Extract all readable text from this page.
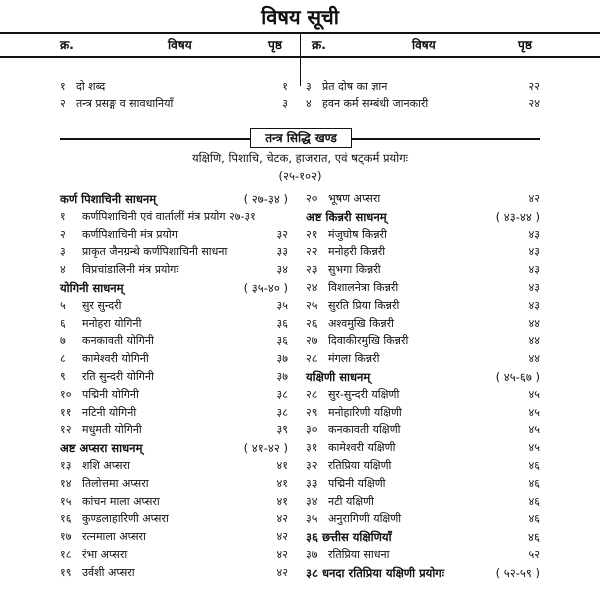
विषय सूची
क्र.	विषय	पृष्ठ	क्र.	विषय	पृष्ठ
१ दो शब्द	१
२ तन्त्र प्रसङ्ग व सावधानियाँ	३
३ प्रेत दोष का ज्ञान	२२
४ हवन कर्म सम्बंधी जानकारी	२४
तन्त्र सिद्धि खण्ड
यक्षिणि, पिशाचि, चेटक, हाजरात, एवं षट्कर्म प्रयोगः
(२५-१०२)
कर्ण पिशाचिनी साधनम्	( २७-३४ )
१ कर्णपिशाचिनी एवं वार्तालीं मंत्र प्रयोग २७-३१
२ कर्णपिशाचिनी मंत्र प्रयोग	३२
३ प्राकृत जैनग्रन्थे कर्णपिशाचिनी साधना	३३
४ विप्रचांडालिनी मंत्र प्रयोगः	३४
योगिनी साधनम्	( ३५-४० )
५ सुर सुन्दरी	३५
६ मनोहरा योगिनी	३६
७ कनकावती योगिनी	३६
८ कामेश्वरी योगिनी	३७
९ रति सुन्दरी योगिनी	३७
१० पद्मिनी योगिनी	३८
११ नटिनी योगिनी	३८
१२ मधुमती योगिनी	३९
अष्ट अप्सरा साधनम्	( ४१-४२ )
१३ शशि अप्सरा	४१
१४ तिलोत्तमा अप्सरा	४१
१५ कांचन माला अप्सरा	४१
१६ कुण्डलाहारिणी अप्सरा	४२
१७ रत्नमाला अप्सरा	४२
१८ रंभा अप्सरा	४२
१९ उर्वशी अप्सरा	४२
२० भूषण अप्सरा	४२
अष्ट किन्नरी साधनम्	( ४३-४४ )
२१ मंजुघोष किन्नरी	४३
२२ मनोहरी किन्नरी	४३
२३ सुभगा किन्नरी	४३
२४ विशालनेत्रा किन्नरी	४३
२५ सुरति प्रिया किन्नरी	४३
२६ अश्वमुखि किन्नरी	४४
२७ दिवाकीरमुखि किन्नरी	४४
२८ मंगला किन्नरी	४४
यक्षिणी साधनम्	( ४५-६७ )
२८ सुर-सुन्दरी यक्षिणी	४५
२९ मनोहारिणी यक्षिणी	४५
३० कनकावती यक्षिणी	४५
३१ कामेश्वरी यक्षिणी	४५
३२ रतिप्रिया यक्षिणी	४६
३३ पद्मिनी यक्षिणी	४६
३४ नटी यक्षिणी	४६
३५ अनुरागिणी यक्षिणी	४६
३६ छत्तीस यक्षिणियाँ	४६
३७ रतिप्रिया साधना	५२
३८ धनदा रतिप्रिया यक्षिणी प्रयोगः	( ५२-५९ )
